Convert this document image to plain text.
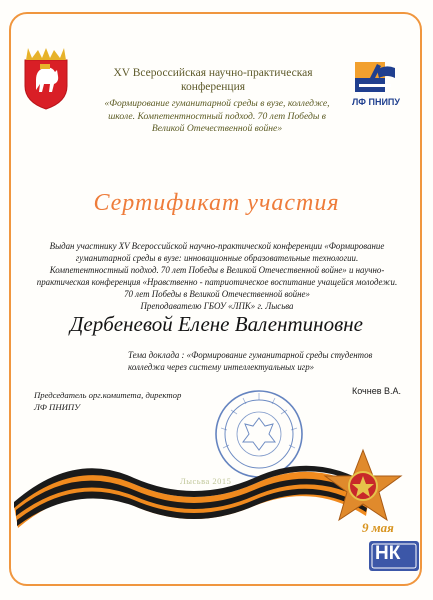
ЛФ ПНИПУ
XV Всероссийская научно-практическая конференция
«Формирование гуманитарной среды в вузе, колледже, школе. Компетентностный подход. 70 лет Победы в Великой Отечественной войне»
Сертификат участия
Выдан участнику XV Всероссийской научно-практической конференции «Формирование гуманитарной среды в вузе: инновационные образовательные технологии. Компетентностный подход. 70 лет Победы в Великой Отечественной войне» и научно-практическая конференция «Нравственно - патриотическое воспитание учащейся молодежи. 70 лет Победы в Великой Отечественной войне»
Преподавателю ГБОУ «ЛПК» г. Лысьва
Дербеневой Елене Валентиновне
Тема доклада : «Формирование гуманитарной среды студентов колледжа через систему интеллектуальных игр»
Председатель орг.комитета, директор ЛФ ПНИПУ
Кочнев В.А.
Лысьва 2015
9 мая
НК
